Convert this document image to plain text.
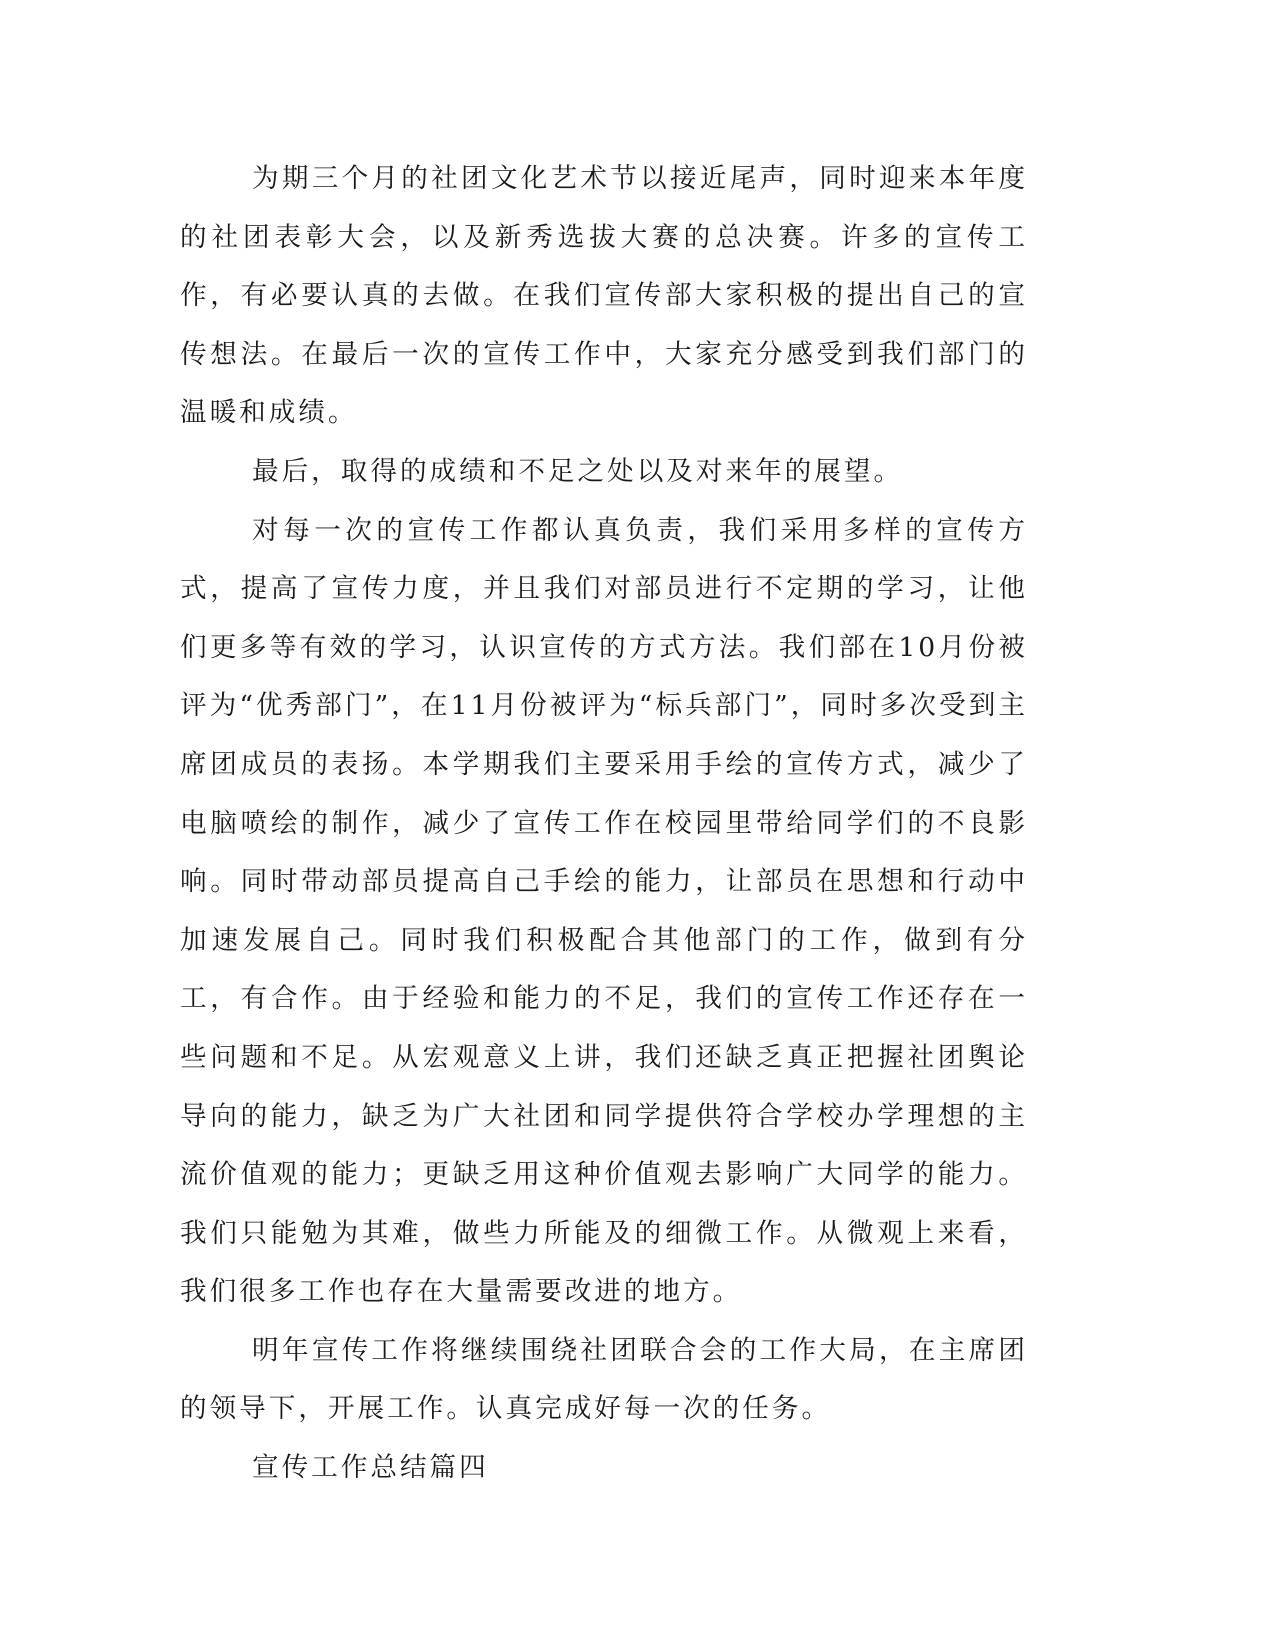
为期三个月的社团文化艺术节以接近尾声，同时迎来本年度的社团表彰大会，以及新秀选拔大赛的总决赛。许多的宣传工作，有必要认真的去做。在我们宣传部大家积极的提出自己的宣传想法。在最后一次的宣传工作中，大家充分感受到我们部门的温暖和成绩。

最后，取得的成绩和不足之处以及对来年的展望。

对每一次的宣传工作都认真负责，我们采用多样的宣传方式，提高了宣传力度，并且我们对部员进行不定期的学习，让他们更多等有效的学习，认识宣传的方式方法。我们部在10月份被评为“优秀部门”，在11月份被评为“标兵部门”，同时多次受到主席团成员的表扬。本学期我们主要采用手绘的宣传方式，减少了电脑喷绘的制作，减少了宣传工作在校园里带给同学们的不良影响。同时带动部员提高自己手绘的能力，让部员在思想和行动中加速发展自己。同时我们积极配合其他部门的工作，做到有分工，有合作。由于经验和能力的不足，我们的宣传工作还存在一些问题和不足。从宏观意义上讲，我们还缺乏真正把握社团舆论导向的能力，缺乏为广大社团和同学提供符合学校办学理想的主流价值观的能力；更缺乏用这种价值观去影响广大同学的能力。我们只能勉为其难，做些力所能及的细微工作。从微观上来看，我们很多工作也存在大量需要改进的地方。

明年宣传工作将继续围绕社团联合会的工作大局，在主席团的领导下，开展工作。认真完成好每一次的任务。

宣传工作总结篇四
